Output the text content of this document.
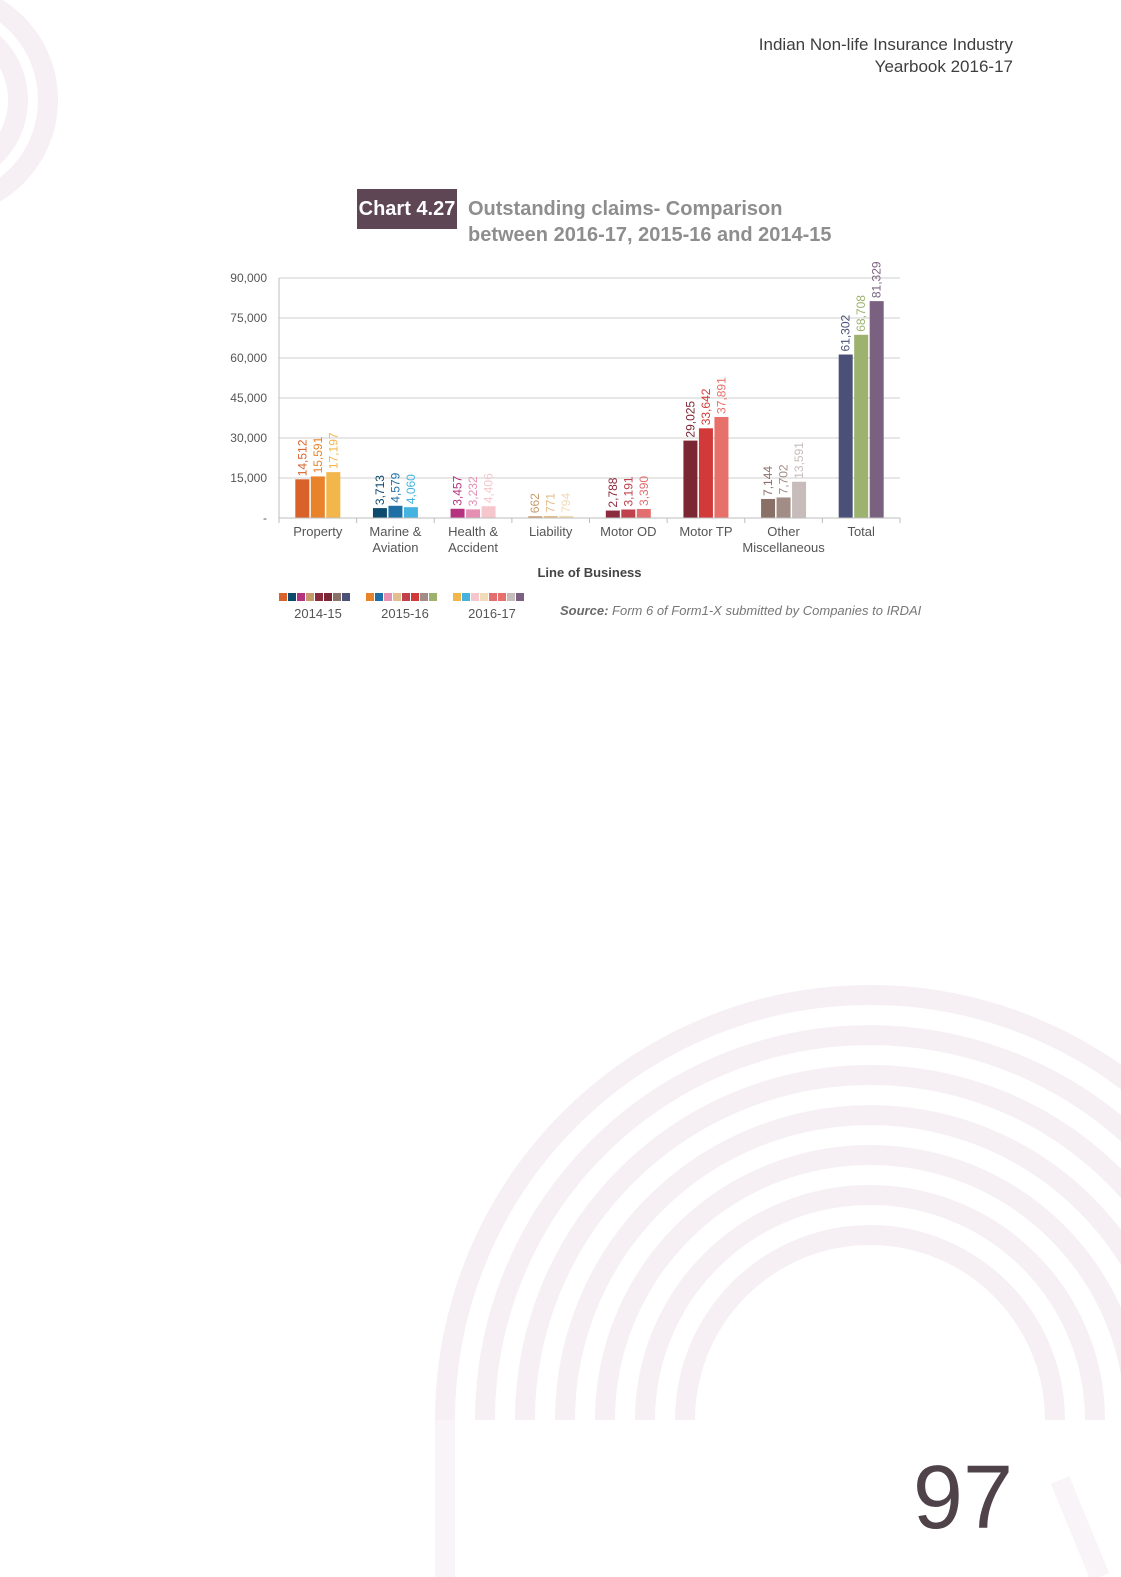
Indian Non-life Insurance Industry
Yearbook 2016-17
Chart 4.27 Outstanding claims- Comparison
between 2016-17, 2015-16 and 2014-15
-
15,000
30,000
45,000
60,000
75,000
90,000
14,512 15,591 17,197
3,713 4,579 4,060	3,457 3,232 4,406	662 771 794	2,788 3,191 3,390
29,025 33,642 37,891
7,144 7,702
13,591
61,302
68,708
81,329
Property Marine &
Aviation
Health &
Accident
Liability Motor OD Motor TP	Other
Miscellaneous
Total
Line of Business
2014-15	2015-16	2016-17	Source: Form 6 of Form1-X submitted by Companies to IRDAI
97
